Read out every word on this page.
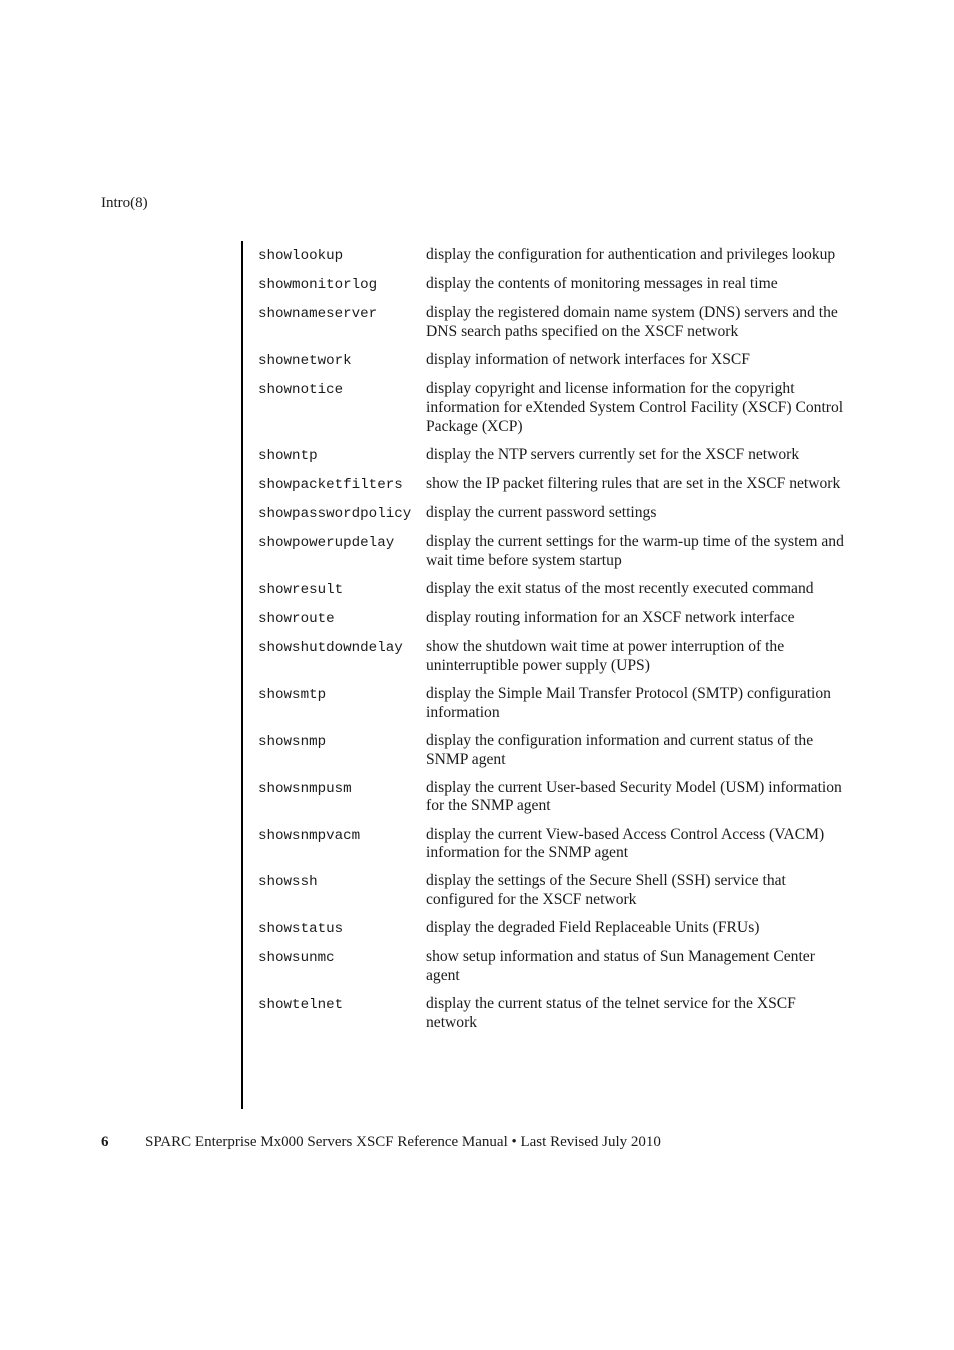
Intro(8)
showlookup	display the configuration for authentication and privileges lookup
showmonitorlog	display the contents of monitoring messages in real time
shownameserver	display the registered domain name system (DNS) servers and the DNS search paths specified on the XSCF network
shownetwork	display information of network interfaces for XSCF
shownotice	display copyright and license information for the copyright information for eXtended System Control Facility (XSCF) Control Package (XCP)
showntp	display the NTP servers currently set for the XSCF network
showpacketfilters	show the IP packet filtering rules that are set in the XSCF network
showpasswordpolicy display the current password settings
showpowerupdelay	display the current settings for the warm-up time of the system and wait time before system startup
showresult	display the exit status of the most recently executed command
showroute	display routing information for an XSCF network interface
showshutdowndelay	show the shutdown wait time at power interruption of the uninterruptible power supply (UPS)
showsmtp	display the Simple Mail Transfer Protocol (SMTP) configuration information
showsnmp	display the configuration information and current status of the SNMP agent
showsnmpusm	display the current User-based Security Model (USM) information for the SNMP agent
showsnmpvacm	display the current View-based Access Control Access (VACM) information for the SNMP agent
showssh	display the settings of the Secure Shell (SSH) service that configured for the XSCF network
showstatus	display the degraded Field Replaceable Units (FRUs)
showsunmc	show setup information and status of Sun Management Center agent
showtelnet	display the current status of the telnet service for the XSCF network
6 SPARC Enterprise Mx000 Servers XSCF Reference Manual • Last Revised July 2010
